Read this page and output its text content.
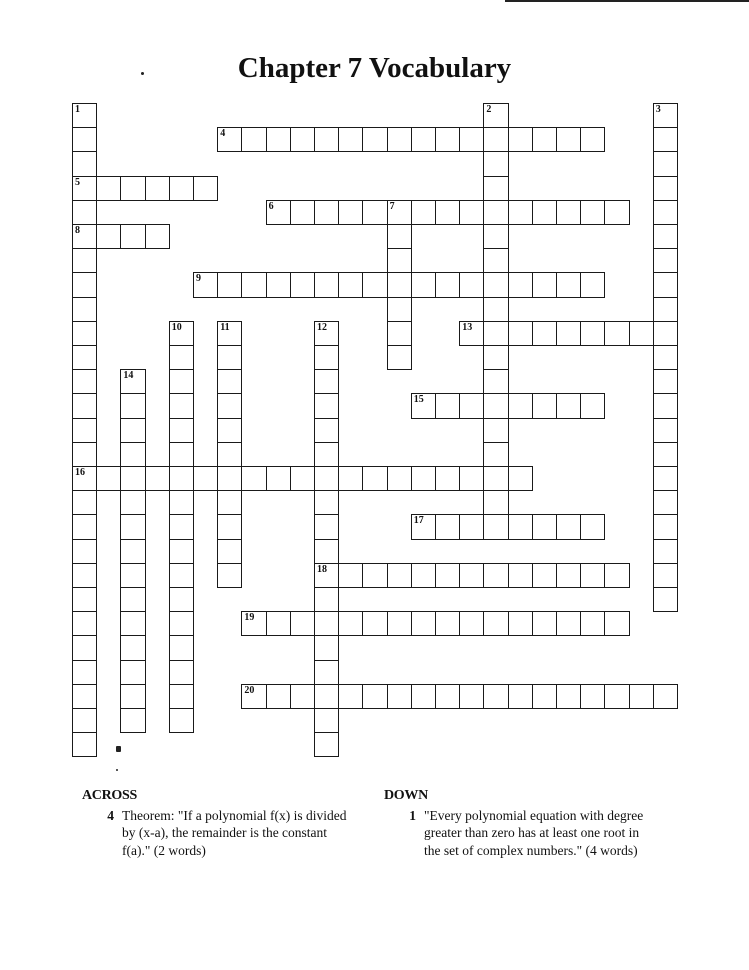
Chapter 7 Vocabulary
1
5
8
16
2	3
4
6	7
9
10	11	12
18
13
14
15
17
19
20
ACROSS
4 Theorem: "If a polynomial f(x) is divided by (x-a), the remainder is the constant f(a)." (2 words)
DOWN
1 "Every polynomial equation with degree greater than zero has at least one root in the set of complex numbers." (4 words)
